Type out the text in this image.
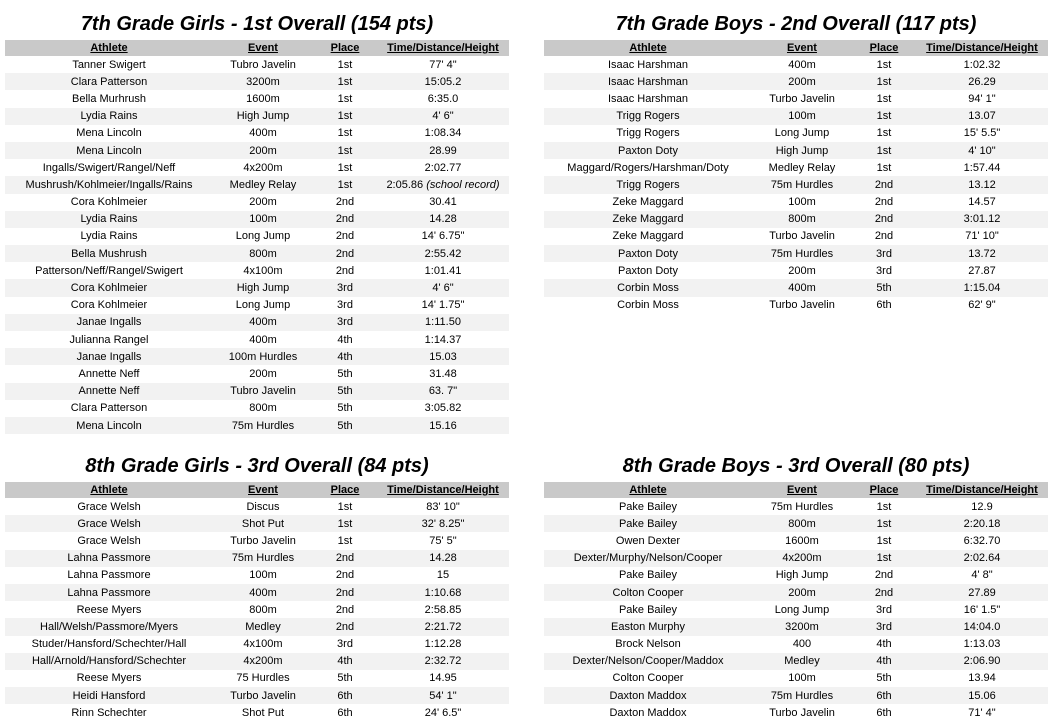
7th Grade Girls - 1st Overall (154 pts)
Athlete	Event	Place	Time/Distance/Height
Tanner Swigert	Tubro Javelin	1st	77' 4"
Clara Patterson	3200m	1st	15:05.2
Bella Murhrush	1600m	1st	6:35.0
Lydia Rains	High Jump	1st	4' 6"
Mena Lincoln	400m	1st	1:08.34
Mena Lincoln	200m	1st	28.99
Ingalls/Swigert/Rangel/Neff	4x200m	1st	2:02.77
Mushrush/Kohlmeier/Ingalls/Rains	Medley Relay	1st	2:05.86 (school record)
Cora Kohlmeier	200m	2nd	30.41
Lydia Rains	100m	2nd	14.28
Lydia Rains	Long Jump	2nd	14' 6.75"
Bella Mushrush	800m	2nd	2:55.42
Patterson/Neff/Rangel/Swigert	4x100m	2nd	1:01.41
Cora Kohlmeier	High Jump	3rd	4' 6"
Cora Kohlmeier	Long Jump	3rd	14' 1.75"
Janae Ingalls	400m	3rd	1:11.50
Julianna Rangel	400m	4th	1:14.37
Janae Ingalls	100m Hurdles	4th	15.03
Annette Neff	200m	5th	31.48
Annette Neff	Tubro Javelin	5th	63. 7"
Clara Patterson	800m	5th	3:05.82
Mena Lincoln	75m Hurdles	5th	15.16
7th Grade Boys - 2nd Overall (117 pts)
Athlete	Event	Place	Time/Distance/Height
Isaac Harshman	400m	1st	1:02.32
Isaac Harshman	200m	1st	26.29
Isaac Harshman	Turbo Javelin	1st	94' 1"
Trigg Rogers	100m	1st	13.07
Trigg Rogers	Long Jump	1st	15' 5.5"
Paxton Doty	High Jump	1st	4' 10"
Maggard/Rogers/Harshman/Doty	Medley Relay	1st	1:57.44
Trigg Rogers	75m Hurdles	2nd	13.12
Zeke Maggard	100m	2nd	14.57
Zeke Maggard	800m	2nd	3:01.12
Zeke Maggard	Turbo Javelin	2nd	71' 10"
Paxton Doty	75m Hurdles	3rd	13.72
Paxton Doty	200m	3rd	27.87
Corbin Moss	400m	5th	1:15.04
Corbin Moss	Turbo Javelin	6th	62' 9"
8th Grade Girls - 3rd Overall (84 pts)
Athlete	Event	Place	Time/Distance/Height
Grace Welsh	Discus	1st	83' 10"
Grace Welsh	Shot Put	1st	32' 8.25"
Grace Welsh	Turbo Javelin	1st	75' 5"
Lahna Passmore	75m Hurdles	2nd	14.28
Lahna Passmore	100m	2nd	15
Lahna Passmore	400m	2nd	1:10.68
Reese Myers	800m	2nd	2:58.85
Hall/Welsh/Passmore/Myers	Medley	2nd	2:21.72
Studer/Hansford/Schechter/Hall	4x100m	3rd	1:12.28
Hall/Arnold/Hansford/Schechter	4x200m	4th	2:32.72
Reese Myers	75 Hurdles	5th	14.95
Heidi Hansford	Turbo Javelin	6th	54' 1"
Rinn Schechter	Shot Put	6th	24' 6.5"
8th Grade Boys - 3rd Overall (80 pts)
Athlete	Event	Place	Time/Distance/Height
Pake Bailey	75m Hurdles	1st	12.9
Pake Bailey	800m	1st	2:20.18
Owen Dexter	1600m	1st	6:32.70
Dexter/Murphy/Nelson/Cooper	4x200m	1st	2:02.64
Pake Bailey	High Jump	2nd	4' 8"
Colton Cooper	200m	2nd	27.89
Pake Bailey	Long Jump	3rd	16' 1.5"
Easton Murphy	3200m	3rd	14:04.0
Brock Nelson	400	4th	1:13.03
Dexter/Nelson/Cooper/Maddox	Medley	4th	2:06.90
Colton Cooper	100m	5th	13.94
Daxton Maddox	75m Hurdles	6th	15.06
Daxton Maddox	Turbo Javelin	6th	71' 4"
